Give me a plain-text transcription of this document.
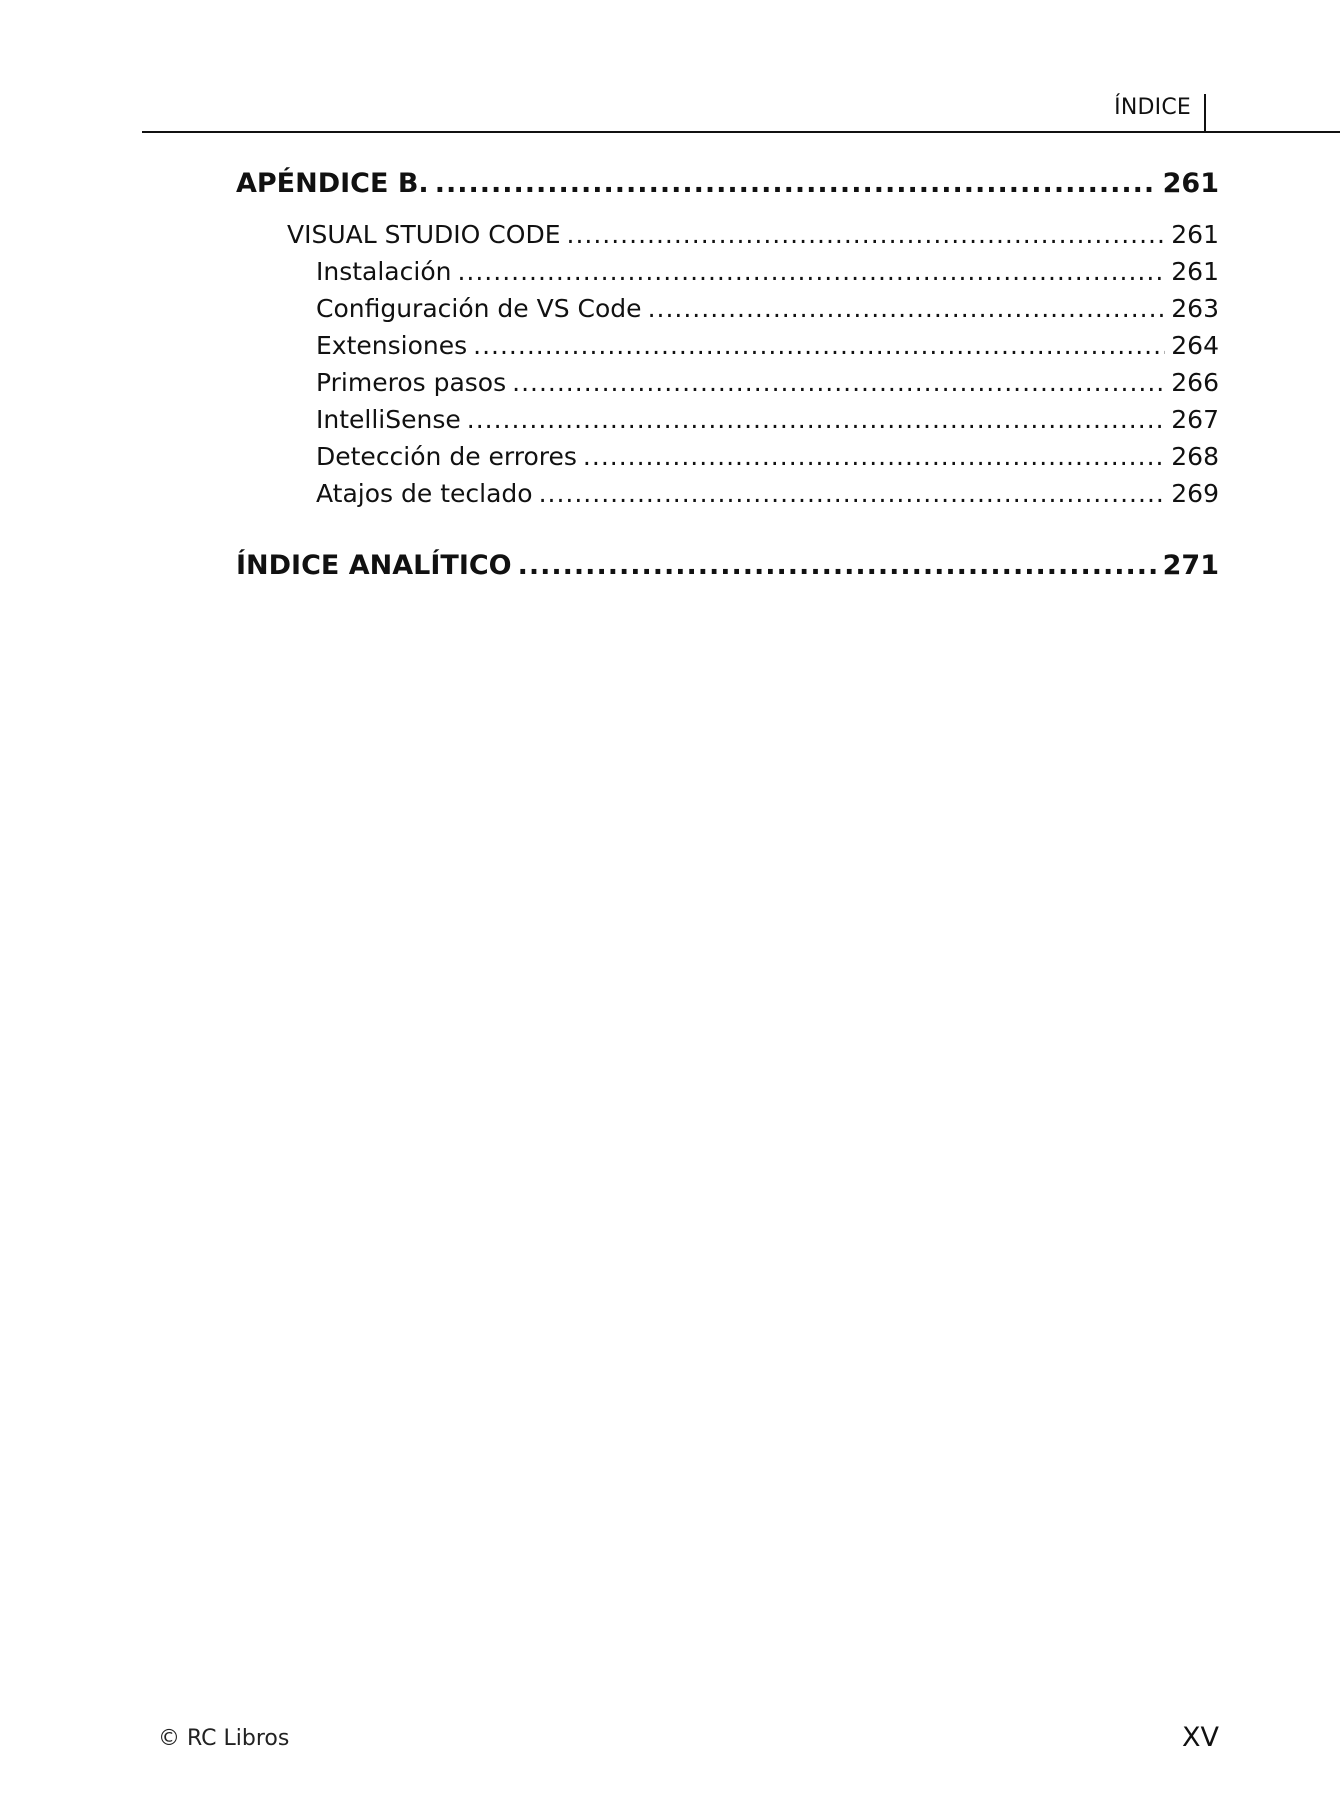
ÍNDICE
APÉNDICE B. .....	261
VISUAL STUDIO CODE .....	261
Instalación .....	261
Configuración de VS Code .....	263
Extensiones .....	264
Primeros pasos .....	266
IntelliSense .....	267
Detección de errores .....	268
Atajos de teclado .....	269
ÍNDICE ANALÍTICO .....	271
© RC Libros	XV
